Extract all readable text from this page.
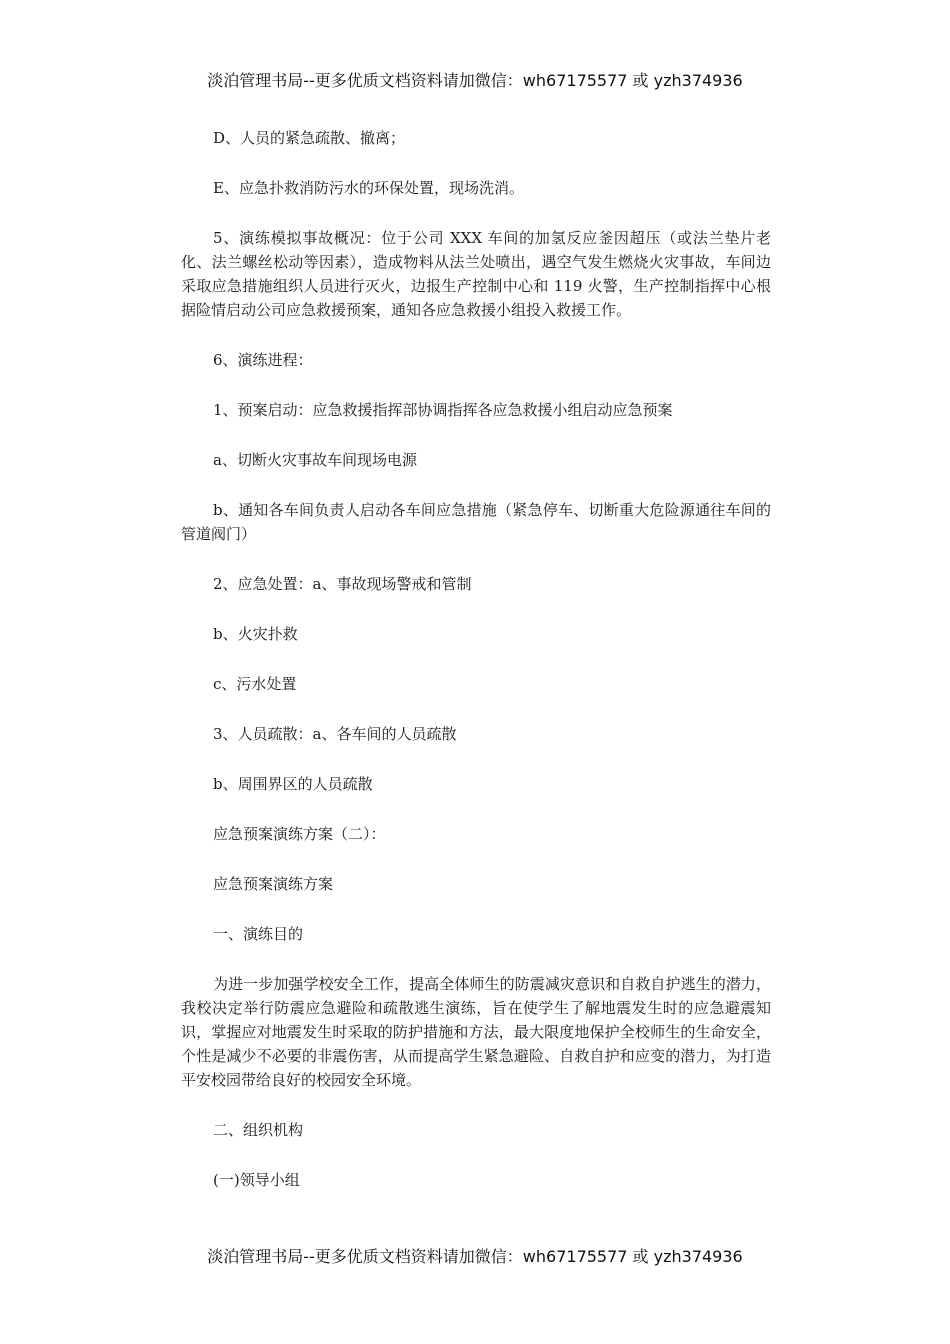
淡泊管理书局--更多优质文档资料请加微信：wh67175577 或 yzh374936

D、人员的紧急疏散、撤离；

E、应急扑救消防污水的环保处置，现场洗消。

5、演练模拟事故概况：位于公司 XXX 车间的加氢反应釜因超压（或法兰垫片老化、法兰螺丝松动等因素），造成物料从法兰处喷出，遇空气发生燃烧火灾事故，车间边采取应急措施组织人员进行灭火，边报生产控制中心和 119 火警，生产控制指挥中心根据险情启动公司应急救援预案，通知各应急救援小组投入救援工作。

6、演练进程：

1、预案启动：应急救援指挥部协调指挥各应急救援小组启动应急预案

a、切断火灾事故车间现场电源

b、通知各车间负责人启动各车间应急措施（紧急停车、切断重大危险源通往车间的管道阀门）

2、应急处置：a、事故现场警戒和管制

b、火灾扑救

c、污水处置

3、人员疏散：a、各车间的人员疏散

b、周围界区的人员疏散

应急预案演练方案（二）：

应急预案演练方案

一、演练目的

为进一步加强学校安全工作，提高全体师生的防震减灾意识和自救自护逃生的潜力，我校决定举行防震应急避险和疏散逃生演练，旨在使学生了解地震发生时的应急避震知识，掌握应对地震发生时采取的防护措施和方法，最大限度地保护全校师生的生命安全，个性是减少不必要的非震伤害，从而提高学生紧急避险、自救自护和应变的潜力，为打造平安校园带给良好的校园安全环境。

二、组织机构

(一)领导小组

淡泊管理书局--更多优质文档资料请加微信：wh67175577 或 yzh374936
